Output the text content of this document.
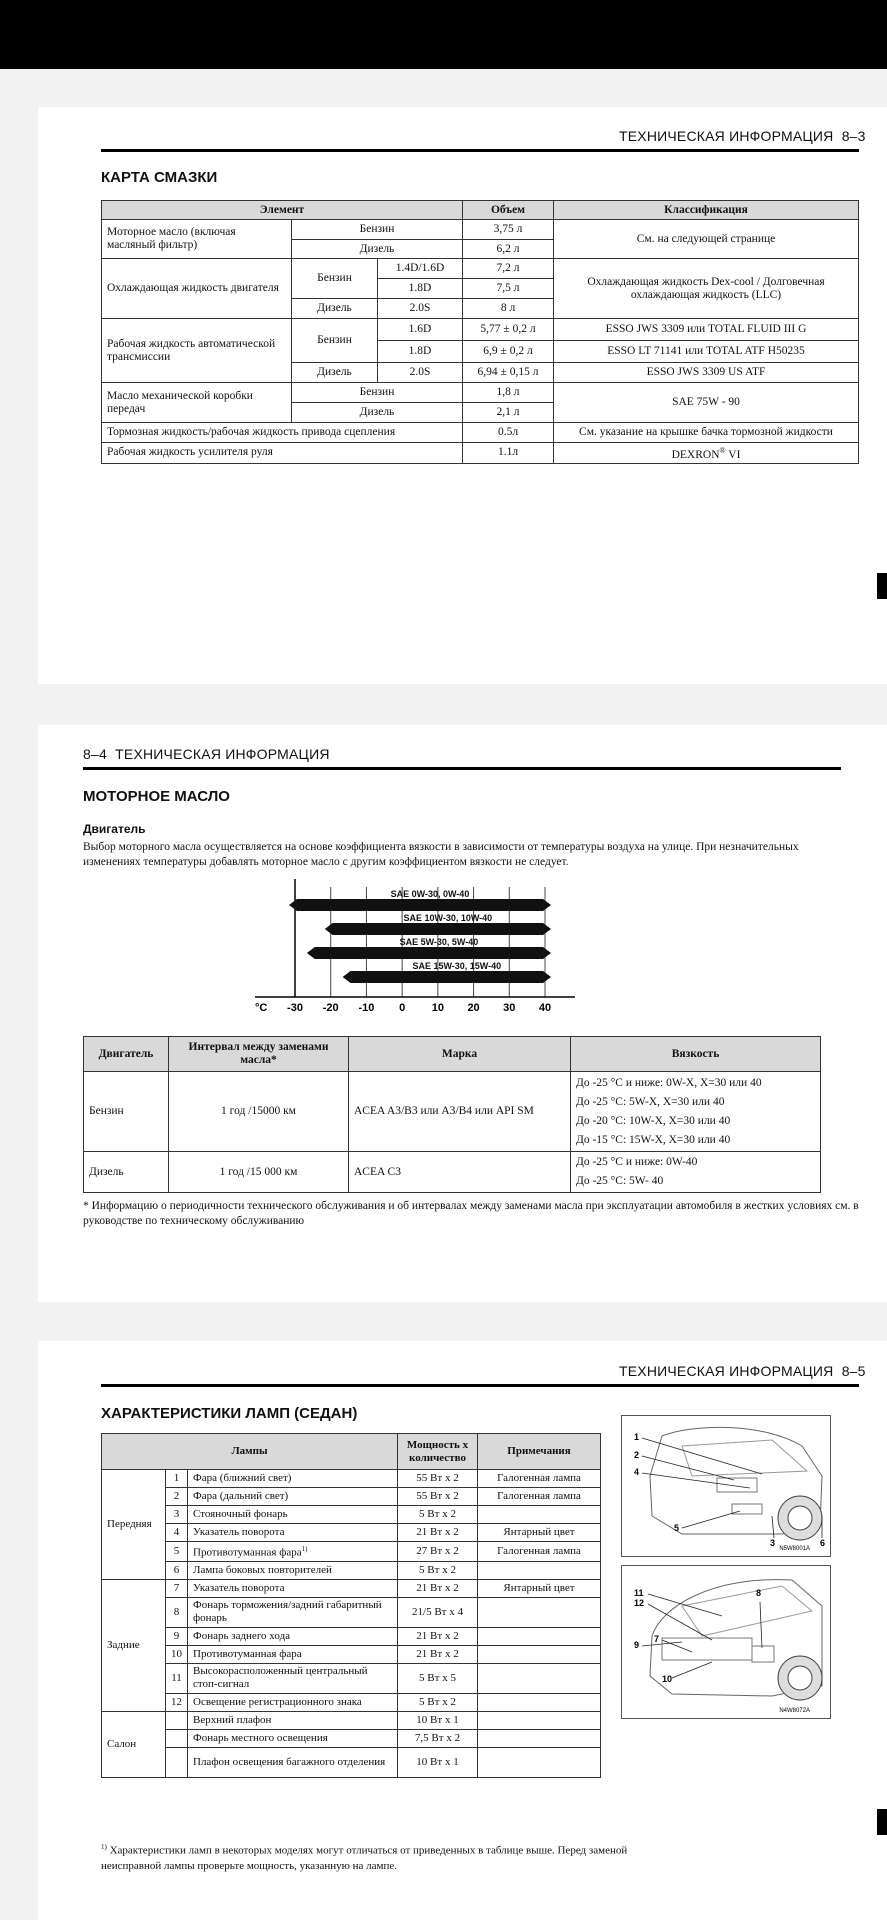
ТЕХНИЧЕСКАЯ ИНФОРМАЦИЯ 8–3
КАРТА СМАЗКИ
Элемент			Объем	Классификация
Моторное масло (включая масляный фильтр)	Бензин		3,75 л	См. на следующей странице
	Дизель		6,2 л	
Охлаждающая жидкость двигателя	Бензин	1.4D/1.6D	7,2 л	Охлаждающая жидкость Dex-cool / Долговечная охлаждающая жидкость (LLC)
		1.8D	7,5 л	
	Дизель	2.0S	8 л	
Рабочая жидкость автоматической трансмиссии	Бензин	1.6D	5,77 ± 0,2 л	ESSO JWS 3309 или TOTAL FLUID III G
		1.8D	6,9 ± 0,2 л	ESSO LT 71141 или TOTAL ATF H50235
	Дизель	2.0S	6,94 ± 0,15 л	ESSO JWS 3309 US ATF
Масло механической коробки передач	Бензин		1,8 л	SAE 75W - 90
	Дизель		2,1 л	
Тормозная жидкость/рабочая жидкость привода сцепления			0.5л	См. указание на крышке бачка тормозной жидкости
Рабочая жидкость усилителя руля			1.1л	DEXRON® VI
8–4 ТЕХНИЧЕСКАЯ ИНФОРМАЦИЯ
МОТОРНОЕ МАСЛО
Двигатель
Выбор моторного масла осуществляется на основе коэффициента вязкости в зависимости от температуры воздуха на улице. При незначительных изменениях температуры добавлять моторное масло с другим коэффициентом вязкости не следует.
SAE 0W-30, 0W-40
SAE 10W-30, 10W-40
SAE 5W-30, 5W-40
SAE 15W-30, 15W-40
°C -30 -20 -10 0 10 20 30 40
Двигатель	Интервал между заменами масла*	Марка	Вязкость
Бензин	1 год /15000 км	ACEA A3/B3 или A3/B4 или API SM	До -25 °C и ниже: 0W-X, X=30 или 40
До -25 °C: 5W-X, X=30 или 40
До -20 °C: 10W-X, X=30 или 40
До -15 °C: 15W-X, X=30 или 40

Дизель	1 год /15 000 км	ACEA C3	До -25 °C и ниже: 0W-40
До -25 °C: 5W- 40
* Информацию о периодичности технического обслуживания и об интервалах между заменами масла при эксплуатации автомобиля в жестких условиях см. в руководстве по техническому обслуживанию
ТЕХНИЧЕСКАЯ ИНФОРМАЦИЯ 8–5
ХАРАКТЕРИСТИКИ ЛАМП (СЕДАН)
Лампы			Мощность х количество	Примечания
Передняя	1	Фара (ближний свет)	55 Вт х 2	Галогенная лампа
	2	Фара (дальний свет)	55 Вт х 2	Галогенная лампа
	3	Стояночный фонарь	5 Вт х 2	
	4	Указатель поворота	21 Вт х 2	Янтарный цвет
	5	Противотуманная фара$^{1)}$	27 Вт х 2	Галогенная лампа
	6	Лампа боковых повторителей	5 Вт х 2	
Задние	7	Указатель поворота	21 Вт х 2	Янтарный цвет
	8	Фонарь торможения/задний габаритный фонарь	21/5 Вт х 4	
	9	Фонарь заднего хода	21 Вт х 2	
	10	Противотуманная фара	21 Вт х 2	
	11	Высокорасположенный центральный стоп-сигнал	5 Вт х 5	
	12	Освещение регистрационного знака	5 Вт х 2	
Салон		Верхний плафон	10 Вт х 1	
		Фонарь местного освещения	7,5 Вт х 2	
		Плафон освещения багажного отделения	10 Вт х 1	
$^{1)}$ Характеристики ламп в некоторых моделях могут отличаться от приведенных в таблице выше. Перед заменой неисправной лампы проверьте мощность, указанную на лампе.
1
2
4
5
3	6
N5W8001A
11
12
8
9
7
10
N4W8072A
